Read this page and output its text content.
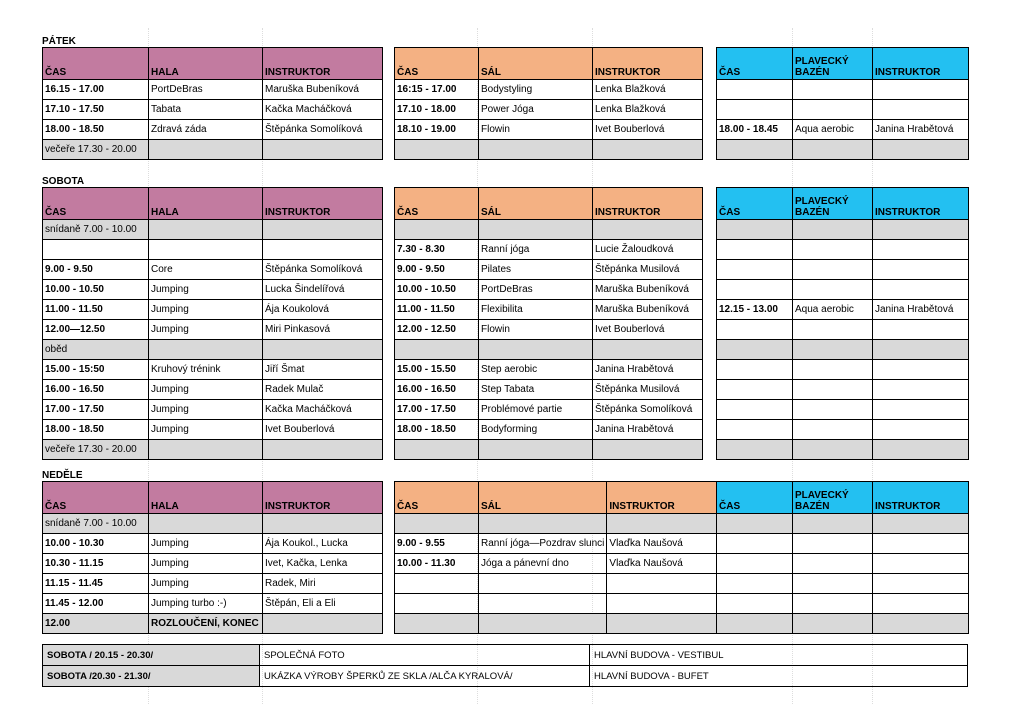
PÁTEK
ČAS	HALA	INSTRUKTOR
16.15 - 17.00	PortDeBras	Maruška Bubeníková
17.10 - 17.50	Tabata	Kačka Macháčková
18.00 - 18.50	Zdravá záda	Štěpánka Somolíková
večeře 17.30 - 20.00		
ČAS	SÁL	INSTRUKTOR
16:15 - 17.00	Bodystyling	Lenka Blažková
17.10 - 18.00	Power Jóga	Lenka Blažková
18.10 - 19.00	Flowin	Ivet Bouberlová

ČAS	PLAVECKÝ BAZÉN	INSTRUKTOR

18.00 - 18.45	Aqua aerobic	Janina Hrabětová

SOBOTA
ČAS	HALA	INSTRUKTOR
snídaně 7.00 - 10.00		

9.00 - 9.50	Core	Štěpánka Somolíková
10.00 - 10.50	Jumping	Lucka Šindelířová
11.00 - 11.50	Jumping	Ája Koukolová
12.00—12.50	Jumping	Miri Pinkasová
oběd		
15.00 - 15:50	Kruhový trénink	Jiří Šmat
16.00 - 16.50	Jumping	Radek Mulač
17.00 - 17.50	Jumping	Kačka Macháčková
18.00 - 18.50	Jumping	Ivet Bouberlová
večeře 17.30 - 20.00		
ČAS	SÁL	INSTRUKTOR

7.30 - 8.30	Ranní jóga	Lucie Žaloudková
9.00 - 9.50	Pilates	Štěpánka Musilová
10.00 - 10.50	PortDeBras	Maruška Bubeníková
11.00 - 11.50	Flexibilita	Maruška Bubeníková
12.00 - 12.50	Flowin	Ivet Bouberlová

15.00 - 15.50	Step aerobic	Janina Hrabětová
16.00 - 16.50	Step Tabata	Štěpánka Musilová
17.00 - 17.50	Problémové partie	Štěpánka Somolíková
18.00 - 18.50	Bodyforming	Janina Hrabětová

ČAS	PLAVECKÝ BAZÉN	INSTRUKTOR

12.15 - 13.00	Aqua aerobic	Janina Hrabětová

NEDĚLE
ČAS	HALA	INSTRUKTOR
snídaně 7.00 - 10.00		
10.00 - 10.30	Jumping	Ája Koukol., Lucka
10.30 - 11.15	Jumping	Ivet, Kačka, Lenka
11.15 - 11.45	Jumping	Radek, Miri
11.45 - 12.00	Jumping turbo :-)	Štěpán, Eli a Eli
12.00	ROZLOUČENÍ, KONEC	
ČAS	SÁL	INSTRUKTOR

9.00 - 9.55	Ranní jóga—Pozdrav slunci	Vlaďka Naušová
10.00 - 11.30	Jóga a pánevní dno	Vlaďka Naušová

ČAS	PLAVECKÝ BAZÉN	INSTRUKTOR

SOBOTA / 20.15 - 20.30/	SPOLEČNÁ FOTO	HLAVNÍ BUDOVA - VESTIBUL
SOBOTA /20.30 - 21.30/	UKÁZKA VÝROBY ŠPERKŮ ZE SKLA /ALČA KYRALOVÁ/	HLAVNÍ BUDOVA - BUFET
